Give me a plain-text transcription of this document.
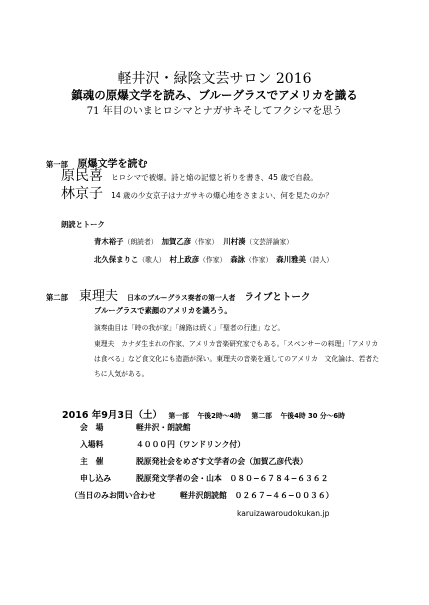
軽井沢・緑陰文芸サロン 2016
鎮魂の原爆文学を読み、ブルーグラスでアメリカを識る
71 年目のいまヒロシマとナガサキそしてフクシマを思う
第一部 原爆文学を読む
原民喜 ヒロシマで被爆。詩と焔の記憶と祈りを書き、45 歳で自殺。
林京子 14 歳の少女京子はナガサキの爆心地をさまよい、何を見たのか？
朗読とトーク
青木裕子 （朗読者） 加賀乙彦 （作家） 川村湊 （文芸評論家）
北久保まりこ （歌人） 村上政彦 （作家） 森詠 （作家） 森川雅美 （詩人）
第二部 東理夫 日本のブルーグラス奏者の第一人者 ライブとトーク
ブルーグラスで素顔のアメリカを識ろう。
演奏曲目は「時の我が家」「線路は続く」「聖者の行進」など。
東理夫　カナダ生まれの作家、アメリカ音楽研究家でもある。「スペンサーの料理」「アメリカ
は食べる」など食文化にも造詣が深い。東理夫の音楽を通してのアメリカ　文化論は、若者た
ちに人気がある。
2016 年9月3日（土） 第一部 午後2時～4時 第二部 午後4時 30 分～6時
会　場	軽井沢・朗読館
入場料	４０００円（ワンドリンク付）
主　催	脱原発社会をめざす文学者の会（加賀乙彦代表）
申し込み	脱原発文学者の会・山本　０８０−６７８４−６３６２
（当日のみお問い合わせ	軽井沢朗読館　０２６７−４６−００３６）
karuizawaroudokukan.jp
